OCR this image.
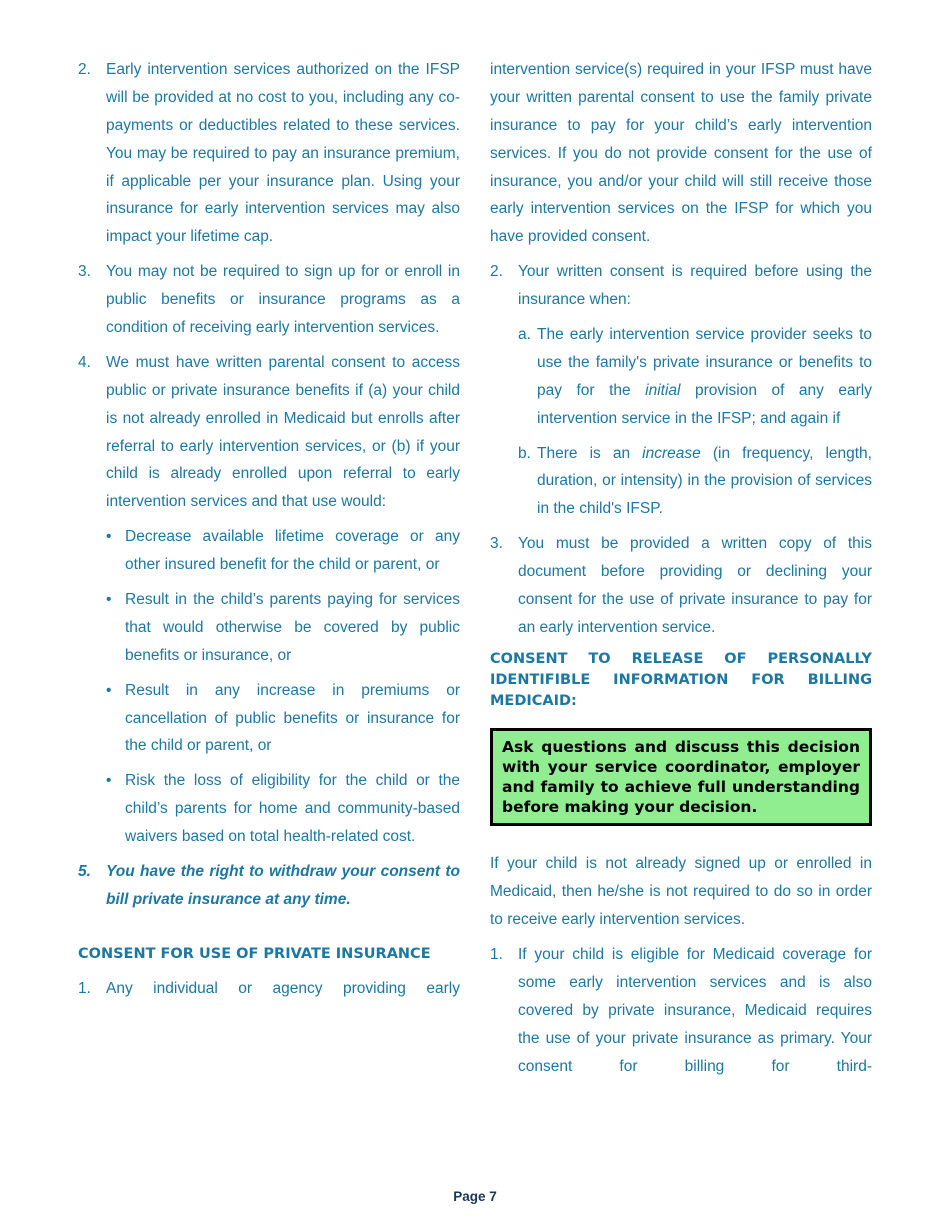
2. Early intervention services authorized on the IFSP will be provided at no cost to you, including any co-payments or deductibles related to these services. You may be required to pay an insurance premium, if applicable per your insurance plan. Using your insurance for early intervention services may also impact your lifetime cap.
3. You may not be required to sign up for or enroll in public benefits or insurance programs as a condition of receiving early intervention services.
4. We must have written parental consent to access public or private insurance benefits if (a) your child is not already enrolled in Medicaid but enrolls after referral to early intervention services, or (b) if your child is already enrolled upon referral to early intervention services and that use would:
• Decrease available lifetime coverage or any other insured benefit for the child or parent, or
• Result in the child’s parents paying for services that would otherwise be covered by public benefits or insurance, or
• Result in any increase in premiums or cancellation of public benefits or insurance for the child or parent, or
• Risk the loss of eligibility for the child or the child’s parents for home and community-based waivers based on total health-related cost.
5. You have the right to withdraw your consent to bill private insurance at any time.
CONSENT FOR USE OF PRIVATE INSURANCE
1. Any individual or agency providing early
intervention service(s) required in your IFSP must have your written parental consent to use the family private insurance to pay for your child’s early intervention services. If you do not provide consent for the use of insurance, you and/or your child will still receive those early intervention services on the IFSP for which you have provided consent.
2. Your written consent is required before using the insurance when:
a. The early intervention service provider seeks to use the family's private insurance or benefits to pay for the initial provision of any early intervention service in the IFSP; and again if
b. There is an increase (in frequency, length, duration, or intensity) in the provision of services in the child's IFSP.
3. You must be provided a written copy of this document before providing or declining your consent for the use of private insurance to pay for an early intervention service.
CONSENT TO RELEASE OF PERSONALLY IDENTIFIBLE INFORMATION FOR BILLING MEDICAID:
Ask questions and discuss this decision with your service coordinator, employer and family to achieve full understanding before making your decision.
If your child is not already signed up or enrolled in Medicaid, then he/she is not required to do so in order to receive early intervention services.
1. If your child is eligible for Medicaid coverage for some early intervention services and is also covered by private insurance, Medicaid requires the use of your private insurance as primary. Your consent for billing for third-
Page 7
